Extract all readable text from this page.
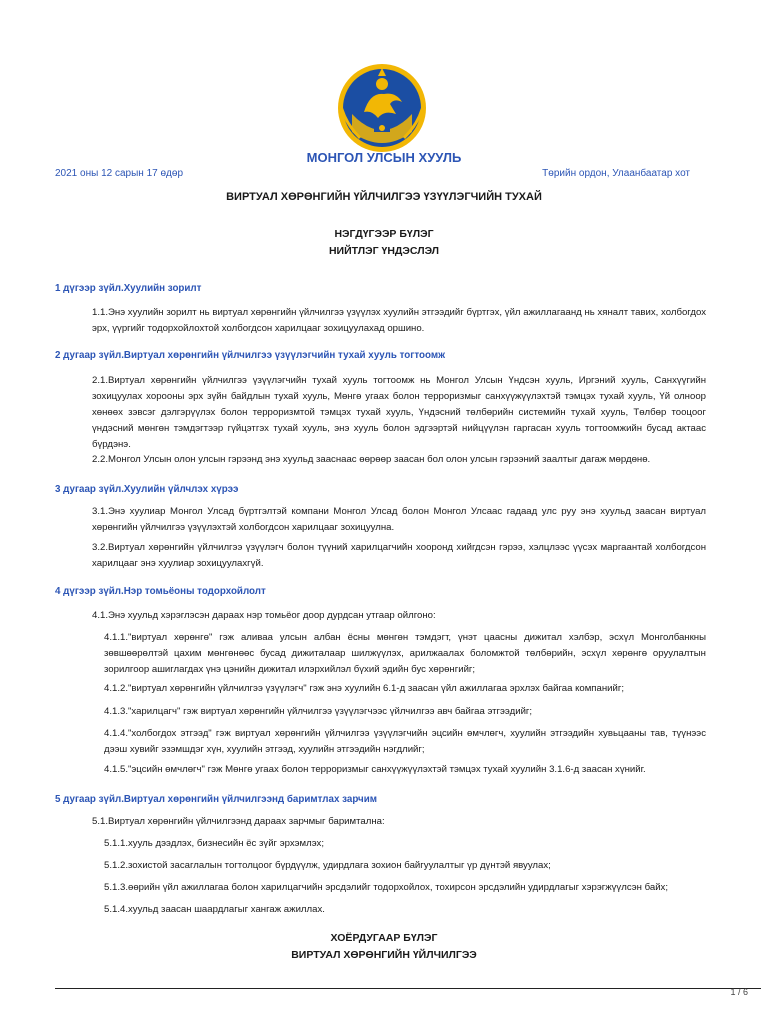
МОНГОЛ УЛСЫН ХУУЛЬ
2021 оны 12 сарын 17 өдөр	Төрийн ордон, Улаанбаатар хот
ВИРТУАЛ ХӨРӨНГИЙН ҮЙЛЧИЛГЭЭ ҮЗҮҮЛЭГЧИЙН ТУХАЙ
НЭГДҮГЭЭР БҮЛЭГ
НИЙТЛЭГ ҮНДЭСЛЭЛ
1 дүгээр зүйл.Хуулийн зорилт
1.1.Энэ хуулийн зорилт нь виртуал хөрөнгийн үйлчилгээ үзүүлэх хуулийн этгээдийг бүртгэх, үйл ажиллагаанд нь хяналт тавих, холбогдох эрх, үүргийг тодорхойлохтой холбогдсон харилцааг зохицуулахад оршино.
2 дугаар зүйл.Виртуал хөрөнгийн үйлчилгээ үзүүлэгчийн тухай хууль тогтоомж
2.1.Виртуал хөрөнгийн үйлчилгээ үзүүлэгчийн тухай хууль тогтоомж нь Монгол Улсын Үндсэн хууль, Иргэний хууль, Санхүүгийн зохицуулах хорооны эрх зүйн байдлын тухай хууль, Мөнгө угаах болон терроризмыг санхүүжүүлэхтэй тэмцэх тухай хууль, Үй олноор хөнөөх зэвсэг дэлгэрүүлэх болон терроризмтой тэмцэх тухай хууль, Үндэсний төлбөрийн системийн тухай хууль, Төлбөр тооцоог үндэсний мөнгөн тэмдэгтээр гүйцэтгэх тухай хууль, энэ хууль болон эдгээртэй нийцүүлэн гаргасан хууль тогтоомжийн бусад актаас бүрдэнэ.
2.2.Монгол Улсын олон улсын гэрээнд энэ хуульд зааснаас өөрөөр заасан бол олон улсын гэрээний заалтыг дагаж мөрдөнө.
3 дугаар зүйл.Хуулийн үйлчлэх хүрээ
3.1.Энэ хуулиар Монгол Улсад бүртгэлтэй компани Монгол Улсад болон Монгол Улсаас гадаад улс руу энэ хуульд заасан виртуал хөрөнгийн үйлчилгээ үзүүлэхтэй холбогдсон харилцааг зохицуулна.
3.2.Виртуал хөрөнгийн үйлчилгээ үзүүлэгч болон түүний харилцагчийн хооронд хийгдсэн гэрээ, хэлцлээс үүсэх маргаантай холбогдсон харилцааг энэ хуулиар зохицуулахгүй.
4 дүгээр зүйл.Нэр томьёоны тодорхойлолт
4.1.Энэ хуульд хэрэглэсэн дараах нэр томьёог доор дурдсан утгаар ойлгоно:
4.1.1."виртуал хөрөнгө" гэж аливаа улсын албан ёсны мөнгөн тэмдэгт, үнэт цаасны дижитал хэлбэр, эсхүл Монголбанкны зөвшөөрөлтэй цахим мөнгөнөөс бусад дижиталаар шилжүүлэх, арилжаалах боломжтой төлбөрийн, эсхүл хөрөнгө оруулалтын зорилгоор ашиглагдах үнэ цэнийн дижитал илэрхийлэл бүхий эдийн бус хөрөнгийг;
4.1.2."виртуал хөрөнгийн үйлчилгээ үзүүлэгч" гэж энэ хуулийн 6.1-д заасан үйл ажиллагаа эрхлэх байгаа компанийг;
4.1.3."харилцагч" гэж виртуал хөрөнгийн үйлчилгээ үзүүлэгчээс үйлчилгээ авч байгаа этгээдийг;
4.1.4."холбогдох этгээд" гэж виртуал хөрөнгийн үйлчилгээ үзүүлэгчийн эцсийн өмчлөгч, хуулийн этгээдийн хувьцааны тав, түүнээс дээш хувийг эзэмшдэг хүн, хуулийн этгээд, хуулийн этгээдийн нэгдлийг;
4.1.5."эцсийн өмчлөгч" гэж Мөнгө угаах болон терроризмыг санхүүжүүлэхтэй тэмцэх тухай хуулийн 3.1.6-д заасан хүнийг.
5 дугаар зүйл.Виртуал хөрөнгийн үйлчилгээнд баримтлах зарчим
5.1.Виртуал хөрөнгийн үйлчилгээнд дараах зарчмыг баримтална:
5.1.1.хууль дээдлэх, бизнесийн ёс зүйг эрхэмлэх;
5.1.2.зохистой засаглалын тогтолцоог бүрдүүлж, удирдлага зохион байгуулалтыг үр дүнтэй явуулах;
5.1.3.өөрийн үйл ажиллагаа болон харилцагчийн эрсдэлийг тодорхойлох, тохирсон эрсдэлийн удирдлагыг хэрэгжүүлсэн байх;
5.1.4.хуульд заасан шаардлагыг хангаж ажиллах.
ХОЁРДУГААР БҮЛЭГ
ВИРТУАЛ ХӨРӨНГИЙН ҮЙЛЧИЛГЭЭ
1 / 6
